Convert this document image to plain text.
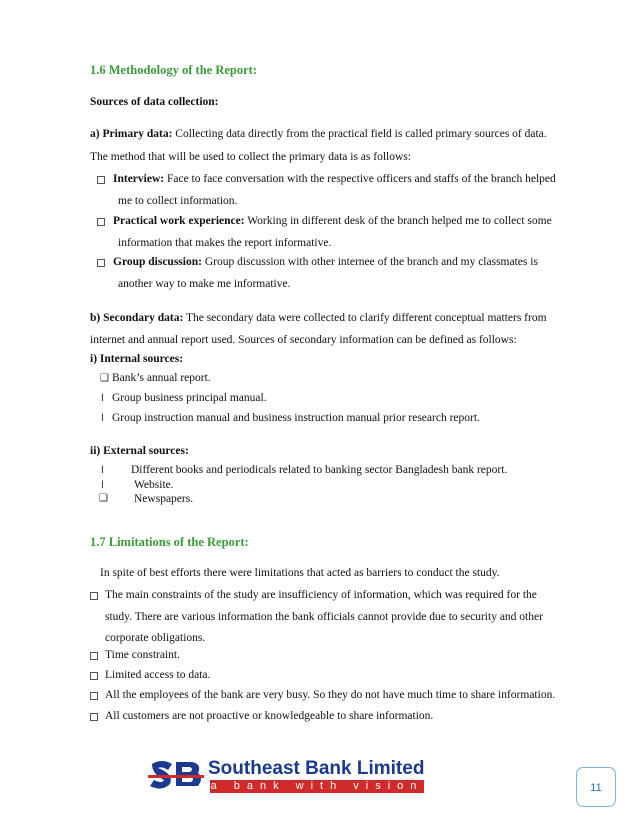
1.6 Methodology of the Report:
Sources of data collection:
a) Primary data: Collecting data directly from the practical field is called primary sources of data.
The method that will be used to collect the primary data is as follows:
Interview: Face to face conversation with the respective officers and staffs of the branch helped
me to collect information.
Practical work experience: Working in different desk of the branch helped me to collect some
information that makes the report informative.
Group discussion: Group discussion with other internee of the branch and my classmates is
another way to make me informative.
b) Secondary data: The secondary data were collected to clarify different conceptual matters from
internet and annual report used. Sources of secondary information can be defined as follows:
i) Internal sources:
❑ Bank’s annual report.
l Group business principal manual.
l Group instruction manual and business instruction manual prior research report.
ii) External sources:
l Different books and periodicals related to banking sector Bangladesh bank report.
l	Website.
❑ Newspapers.
1.7 Limitations of the Report:
In spite of best efforts there were limitations that acted as barriers to conduct the study.
The main constraints of the study are insufficiency of information, which was required for the
study. There are various information the bank officials cannot provide due to security and other
corporate obligations.
Time constraint.
Limited access to data.
All the employees of the bank are very busy. So they do not have much time to share information.
All customers are not proactive or knowledgeable to share information.
Southeast Bank Limited
a bank with vision	11
